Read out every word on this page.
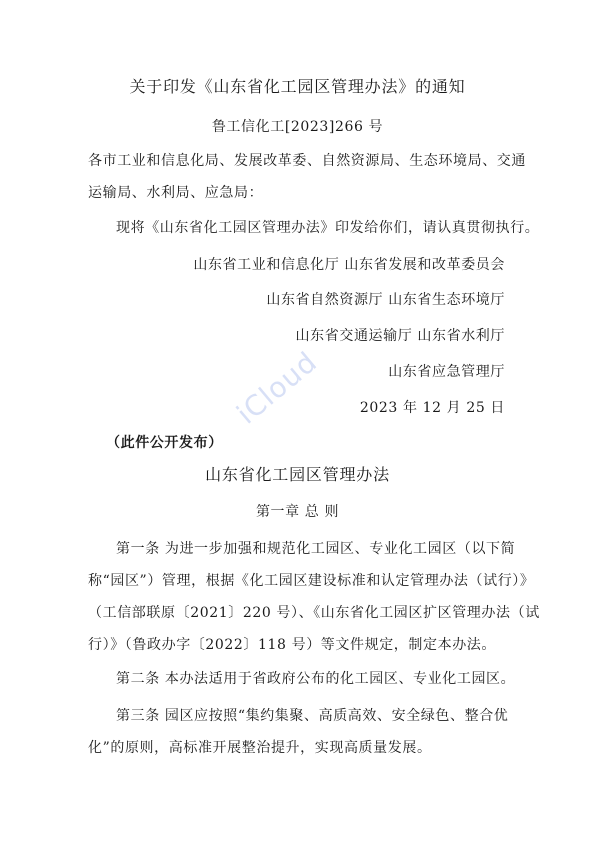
关于印发《山东省化工园区管理办法》的通知
鲁工信化工[2023]266 号
各市工业和信息化局、发展改革委、自然资源局、生态环境局、交通
运输局、水利局、应急局：
现将《山东省化工园区管理办法》印发给你们，请认真贯彻执行。
山东省工业和信息化厅 山东省发展和改革委员会
山东省自然资源厅 山东省生态环境厅
山东省交通运输厅 山东省水利厅
山东省应急管理厅
2023 年 12 月 25 日
（此件公开发布）
山东省化工园区管理办法
第一章 总 则
第一条 为进一步加强和规范化工园区、专业化工园区（以下简
称“园区”）管理，根据《化工园区建设标准和认定管理办法（试行）》
（工信部联原〔2021〕220 号）、《山东省化工园区扩区管理办法（试
行）》（鲁政办字〔2022〕118 号）等文件规定，制定本办法。
第二条 本办法适用于省政府公布的化工园区、专业化工园区。
第三条 园区应按照“集约集聚、高质高效、安全绿色、整合优
化”的原则，高标准开展整治提升，实现高质量发展。
iCloud
